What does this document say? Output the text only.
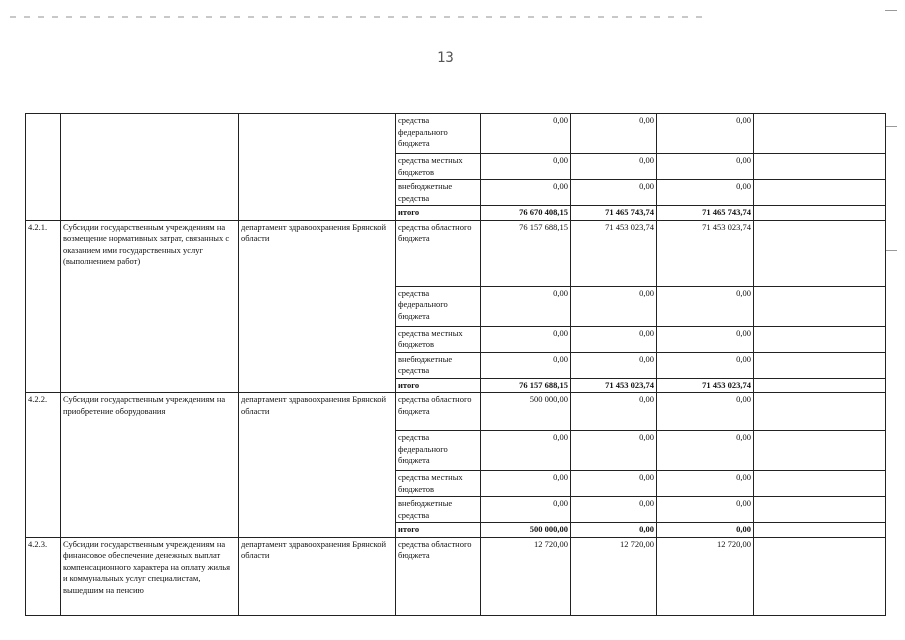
13
			средства федерального бюджета	0,00	0,00	0,00	
			средства местных бюджетов	0,00	0,00	0,00	
			внебюджетные средства	0,00	0,00	0,00	
			итого	76 670 408,15	71 465 743,74	71 465 743,74	
4.2.1.	Субсидии государственным учреждениям на возмещение нормативных затрат, связанных с оказанием ими государственных услуг (выполнением работ)	департамент здравоохранения Брянской области	средства областного бюджета	76 157 688,15	71 453 023,74	71 453 023,74	
			средства федерального бюджета	0,00	0,00	0,00	
			средства местных бюджетов	0,00	0,00	0,00	
			внебюджетные средства	0,00	0,00	0,00	
			итого	76 157 688,15	71 453 023,74	71 453 023,74	
4.2.2.	Субсидии государственным учреждениям на приобретение оборудования	департамент здравоохранения Брянской области	средства областного бюджета	500 000,00	0,00	0,00	
			средства федерального бюджета	0,00	0,00	0,00	
			средства местных бюджетов	0,00	0,00	0,00	
			внебюджетные средства	0,00	0,00	0,00	
			итого	500 000,00	0,00	0,00	
4.2.3.	Субсидии государственным учреждениям на финансовое обеспечение денежных выплат компенсационного характера на оплату жилья и коммунальных услуг специалистам, вышедшим на пенсию	департамент здравоохранения Брянской области	средства областного бюджета	12 720,00	12 720,00	12 720,00	
